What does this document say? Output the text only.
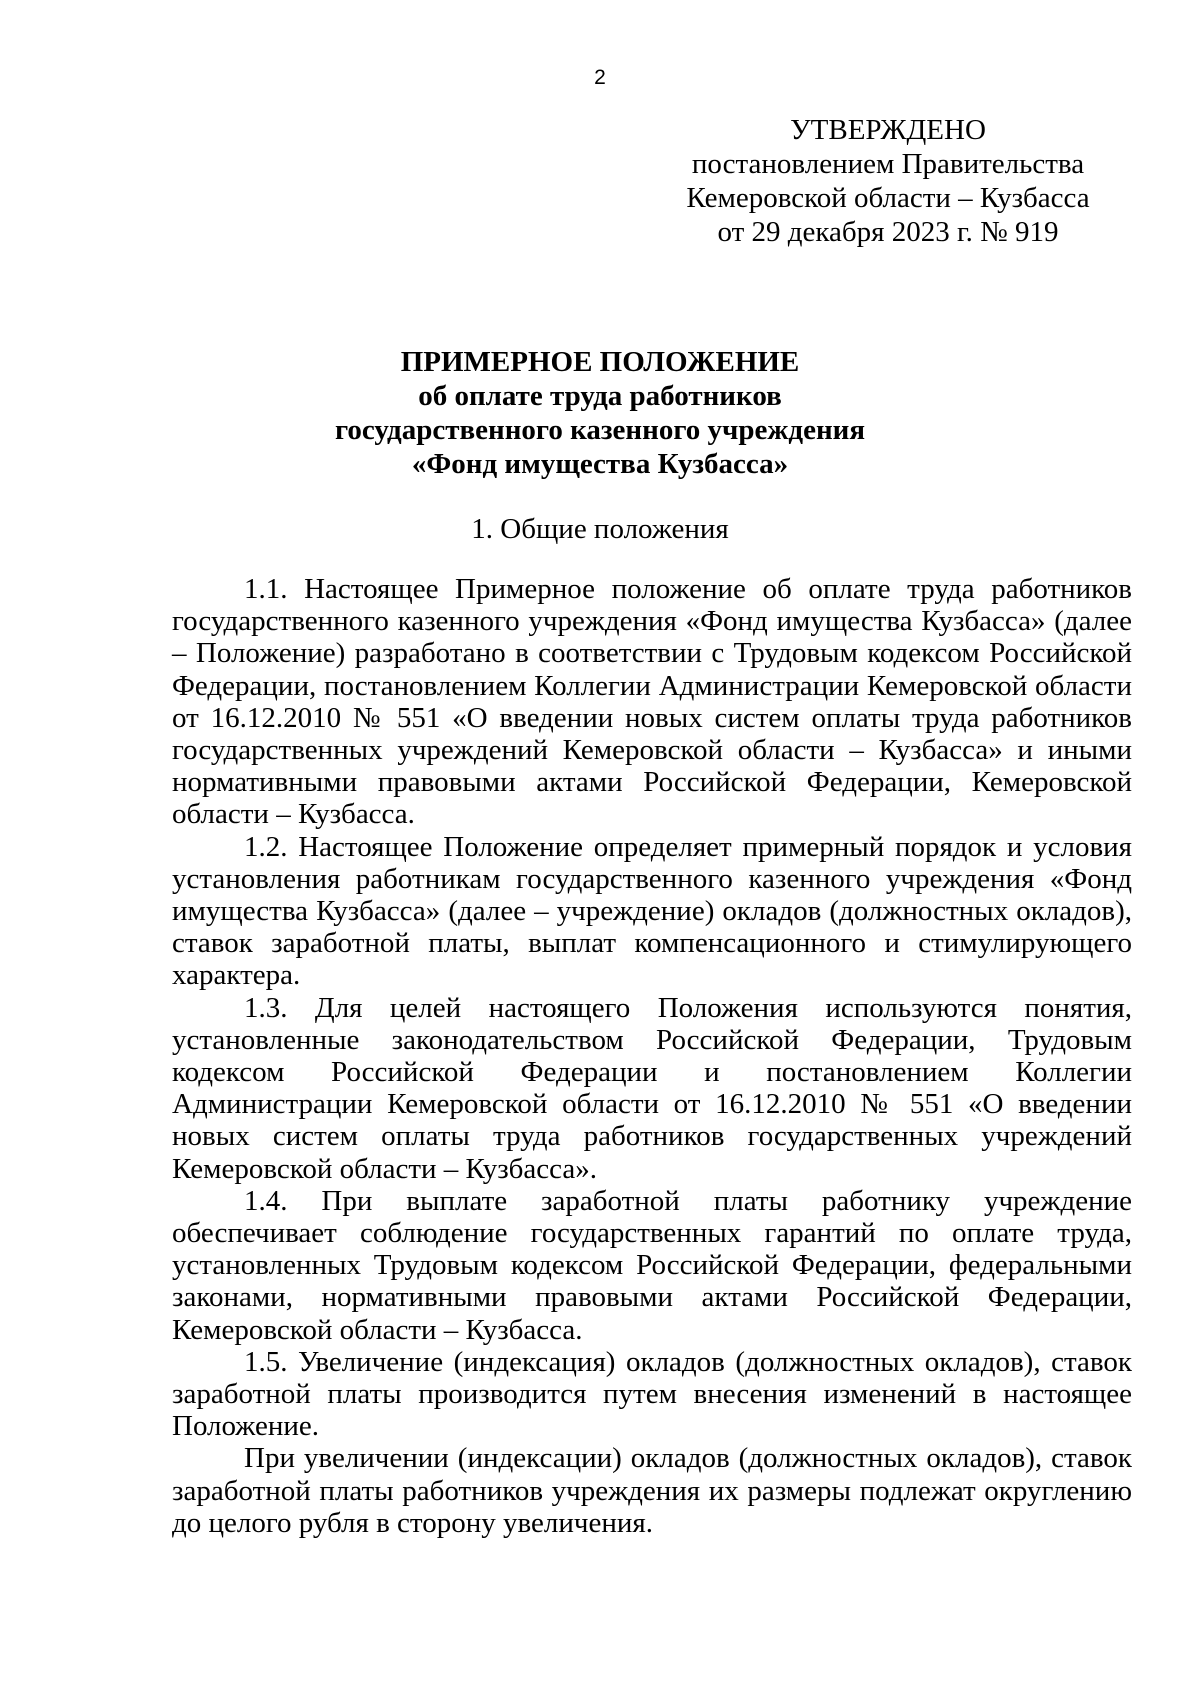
2
УТВЕРЖДЕНО
постановлением Правительства
Кемеровской области – Кузбасса
от 29 декабря 2023 г. № 919
ПРИМЕРНОЕ ПОЛОЖЕНИЕ
об оплате труда работников
государственного казенного учреждения
«Фонд имущества Кузбасса»
1. Общие положения

1.1. Настоящее Примерное положение об оплате труда работников государственного казенного учреждения «Фонд имущества Кузбасса» (далее – Положение) разработано в соответствии с Трудовым кодексом Российской Федерации, постановлением Коллегии Администрации Кемеровской области от 16.12.2010 № 551 «О введении новых систем оплаты труда работников государственных учреждений Кемеровской области – Кузбасса» и иными нормативными правовыми актами Российской Федерации, Кемеровской области – Кузбасса.

1.2. Настоящее Положение определяет примерный порядок и условия установления работникам государственного казенного учреждения «Фонд имущества Кузбасса» (далее – учреждение) окладов (должностных окладов), ставок заработной платы, выплат компенсационного и стимулирующего характера.

1.3. Для целей настоящего Положения используются понятия, установленные законодательством Российской Федерации, Трудовым кодексом Российской Федерации и постановлением Коллегии Администрации Кемеровской области от 16.12.2010 № 551 «О введении новых систем оплаты труда работников государственных учреждений Кемеровской области – Кузбасса».

1.4. При выплате заработной платы работнику учреждение обеспечивает соблюдение государственных гарантий по оплате труда, установленных Трудовым кодексом Российской Федерации, федеральными законами, нормативными правовыми актами Российской Федерации, Кемеровской области – Кузбасса.

1.5. Увеличение (индексация) окладов (должностных окладов), ставок заработной платы производится путем внесения изменений в настоящее Положение.

При увеличении (индексации) окладов (должностных окладов), ставок заработной платы работников учреждения их размеры подлежат округлению до целого рубля в сторону увеличения.
